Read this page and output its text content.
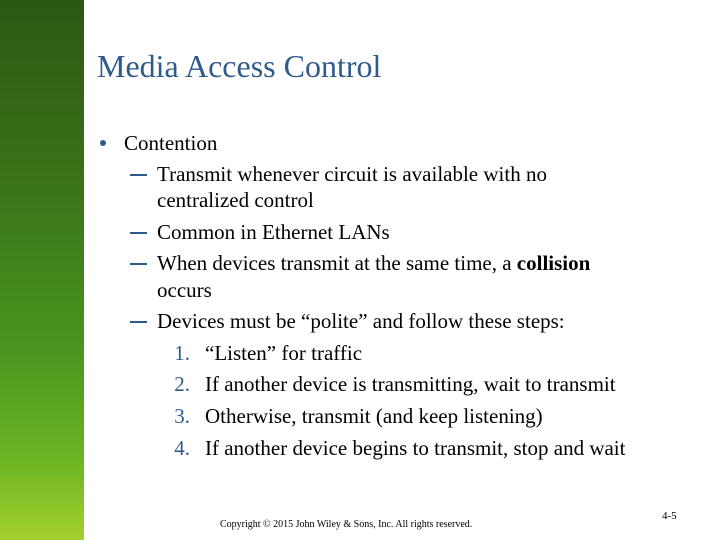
Media Access Control
Contention
Transmit whenever circuit is available with no
centralized control
Common in Ethernet LANs
When devices transmit at the same time, a collision
occurs
Devices must be “polite” and follow these steps:
1. “Listen” for traffic
2. If another device is transmitting, wait to transmit
3. Otherwise, transmit (and keep listening)
4. If another device begins to transmit, stop and wait
Copyright © 2015 John Wiley & Sons, Inc. All rights reserved.
4-5
